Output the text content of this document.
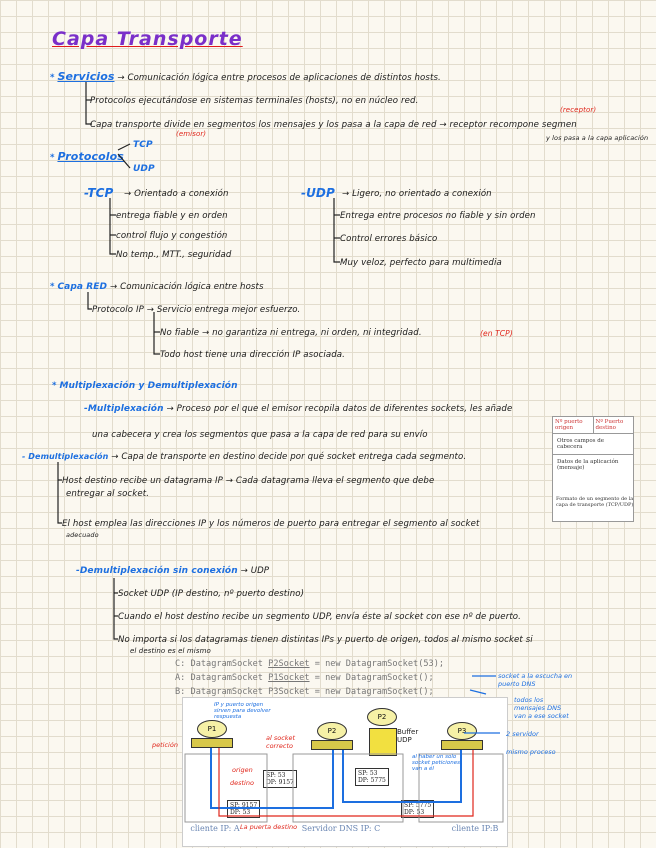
Capa Transporte
* Servicios → Comunicación lógica entre procesos de aplicaciones de distintos hosts.
Protocolos ejecutándose en sistemas terminales (hosts), no en núcleo red.
(receptor)
Capa transporte divide en segmentos los mensajes y los pasa a la capa de red → receptor recompone segmen
(emisor)	y los pasa a la capa aplicación
* Protocolos
TCP
UDP
-TCP → Orientado a conexión
entrega fiable y en orden
control flujo y congestión
No temp., MTT., seguridad
-UDP → Ligero, no orientado a conexión
Entrega entre procesos no fiable y sin orden
Control errores básico
Muy veloz, perfecto para multimedia
* Capa RED → Comunicación lógica entre hosts
Protocolo IP → Servicio entrega mejor esfuerzo.
No fiable → no garantiza ni entrega, ni orden, ni integridad.	(en TCP)
Todo host tiene una dirección IP asociada.
* Multiplexación y Demultiplexación
-Multiplexación → Proceso por el que el emisor recopila datos de diferentes sockets, les añade
una cabecera y crea los segmentos que pasa a la capa de red para su envío
- Demultiplexación → Capa de transporte en destino decide por qué socket entrega cada segmento.
Host destino recibe un datagrama IP → Cada datagrama lleva el segmento que debe
entregar al socket.
El host emplea las direcciones IP y los números de puerto para entregar el segmento al socket
adecuado
Nº puerto origen
Nº Puerto destino
Otros campos de cabecera
Datos de la aplicación (mensaje)
Formato de un segmento de la capa de transporte (TCP/UDP)
-Demultiplexación sin conexión → UDP
Socket UDP (IP destino, nº puerto destino)
Cuando el host destino recibe un segmento UDP, envía éste al socket con ese nº de puerto.
No importa si los datagramas tienen distintas IPs y puerto de origen, todos al mismo socket si
el destino es el mismo
C: DatagramSocket P2Socket = new DatagramSocket(53);
A: DatagramSocket P1Socket = new DatagramSocket();
B: DatagramSocket P3Socket = new DatagramSocket();
socket a la escucha en puerto DNS
todos los mensajes DNS van a ese socket
P1	P2
P2
Buffer UDP
P3
SP: 53
DP: 9157
SP: 53
DP: 5775
SP: 9157
DP: 53
SP: 5775
DP: 53
cliente IP: A	Servidor DNS IP: C	cliente IP:B
petición
origen
destino
al socket correcto
IP y puerto origen sirven para devolver respuesta
al haber un solo socket peticiones van a él
2 servidor
mismo proceso
La puerta destino
